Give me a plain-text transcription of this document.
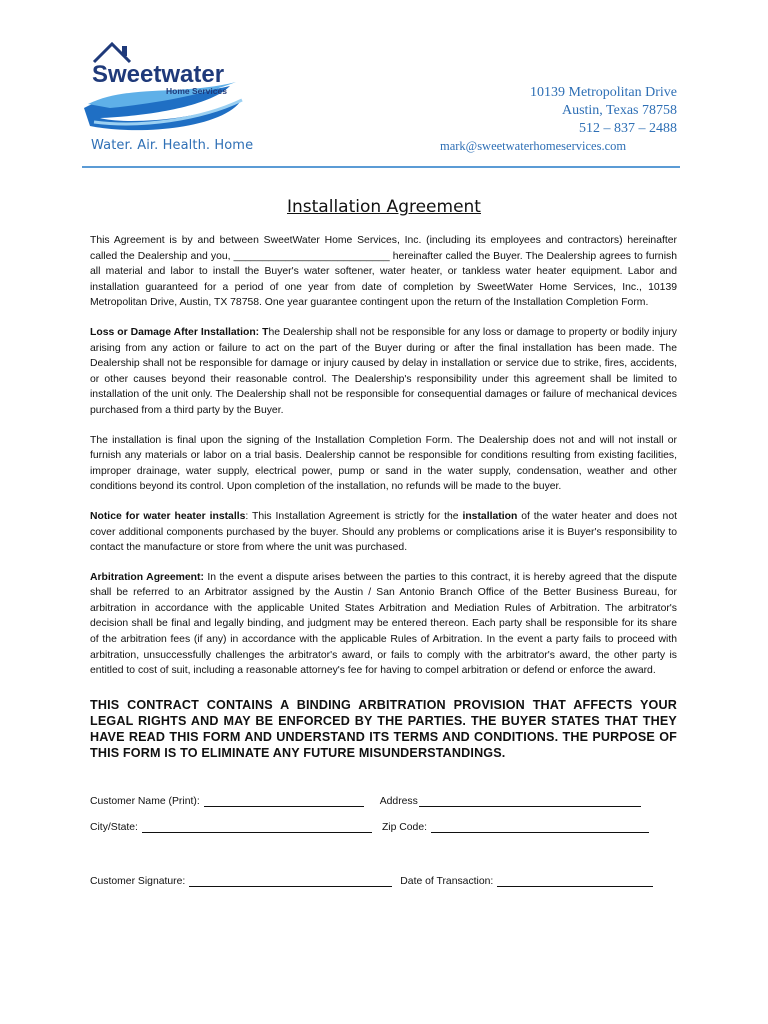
Sweetwater
Home Services
Water. Air. Health. Home
10139 Metropolitan Drive
Austin, Texas 78758
512 – 837 – 2488
mark@sweetwaterhomeservices.com
Installation Agreement

This Agreement is by and between SweetWater Home Services, Inc. (including its employees and contractors) hereinafter called the Dealership and you, ___________________________ hereinafter called the Buyer. The Dealership agrees to furnish all material and labor to install the Buyer's water softener, water heater, or tankless water heater equipment. Labor and installation guaranteed for a period of one year from date of completion by SweetWater Home Services, Inc., 10139 Metropolitan Drive, Austin, TX 78758. One year guarantee contingent upon the return of the Installation Completion Form.

Loss or Damage After Installation: The Dealership shall not be responsible for any loss or damage to property or bodily injury arising from any action or failure to act on the part of the Buyer during or after the final installation has been made. The Dealership shall not be responsible for damage or injury caused by delay in installation or service due to strike, fires, accidents, or other causes beyond their reasonable control. The Dealership's responsibility under this agreement shall be limited to installation of the unit only. The Dealership shall not be responsible for consequential damages or failure of mechanical devices purchased from a third party by the Buyer.

The installation is final upon the signing of the Installation Completion Form. The Dealership does not and will not install or furnish any materials or labor on a trial basis. Dealership cannot be responsible for conditions resulting from existing facilities, improper drainage, water supply, electrical power, pump or sand in the water supply, condensation, weather and other conditions beyond its control. Upon completion of the installation, no refunds will be made to the buyer.

Notice for water heater installs: This Installation Agreement is strictly for the installation of the water heater and does not cover additional components purchased by the buyer. Should any problems or complications arise it is Buyer's responsibility to contact the manufacture or store from where the unit was purchased.

Arbitration Agreement: In the event a dispute arises between the parties to this contract, it is hereby agreed that the dispute shall be referred to an Arbitrator assigned by the Austin / San Antonio Branch Office of the Better Business Bureau, for arbitration in accordance with the applicable United States Arbitration and Mediation Rules of Arbitration. The arbitrator's decision shall be final and legally binding, and judgment may be entered thereon. Each party shall be responsible for its share of the arbitration fees (if any) in accordance with the applicable Rules of Arbitration. In the event a party fails to proceed with arbitration, unsuccessfully challenges the arbitrator's award, or fails to comply with the arbitrator's award, the other party is entitled to cost of suit, including a reasonable attorney's fee for having to compel arbitration or defend or enforce the award.

THIS CONTRACT CONTAINS A BINDING ARBITRATION PROVISION THAT AFFECTS YOUR LEGAL RIGHTS AND MAY BE ENFORCED BY THE PARTIES. THE BUYER STATES THAT THEY HAVE READ THIS FORM AND UNDERSTAND ITS TERMS AND CONDITIONS. THE PURPOSE OF THIS FORM IS TO ELIMINATE ANY FUTURE MISUNDERSTANDINGS.
Customer Name (Print):	Address
City/State:	Zip Code:
Customer Signature:	Date of Transaction:
